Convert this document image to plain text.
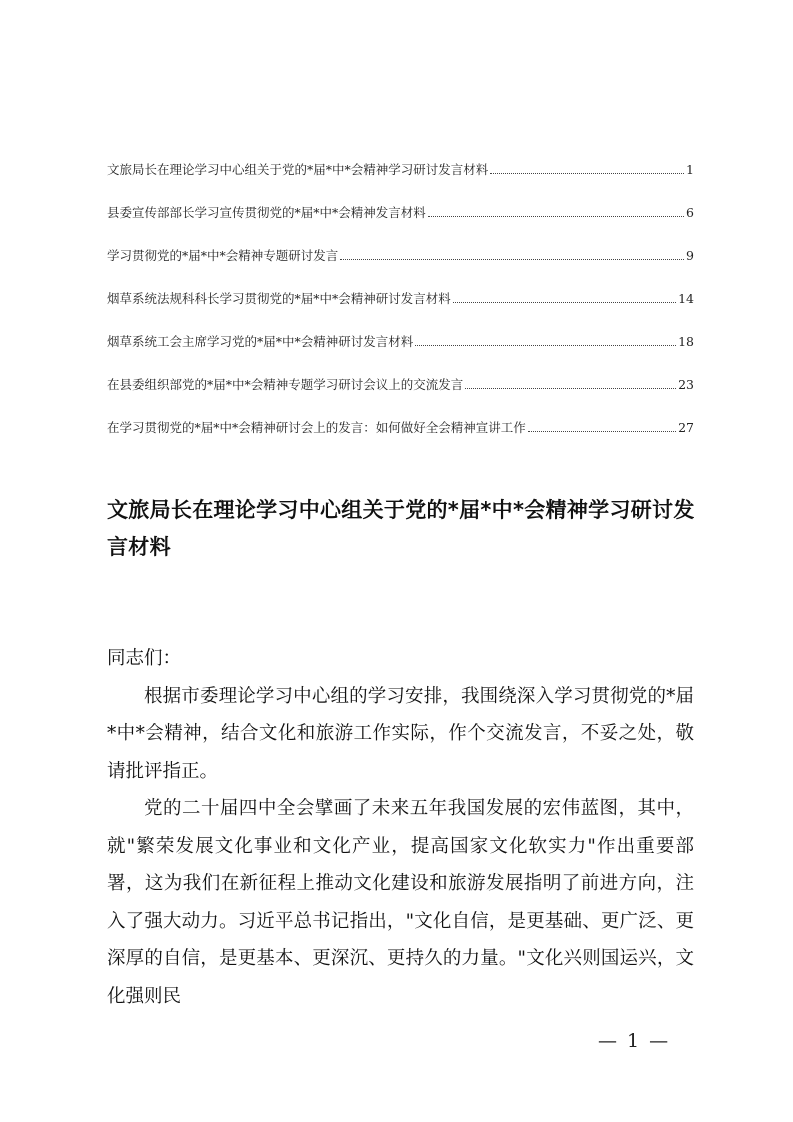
文旅局长在理论学习中心组关于党的*届*中*会精神学习研讨发言材料	1
县委宣传部部长学习宣传贯彻党的*届*中*会精神发言材料	6
学习贯彻党的*届*中*会精神专题研讨发言	9
烟草系统法规科科长学习贯彻党的*届*中*会精神研讨发言材料	14
烟草系统工会主席学习党的*届*中*会精神研讨发言材料	18
在县委组织部党的*届*中*会精神专题学习研讨会议上的交流发言	23
在学习贯彻党的*届*中*会精神研讨会上的发言：如何做好全会精神宣讲工作	27
文旅局长在理论学习中心组关于党的*届*中*会精神学习研讨发言材料

同志们：

根据市委理论学习中心组的学习安排，我围绕深入学习贯彻党的*届*中*会精神，结合文化和旅游工作实际，作个交流发言，不妥之处，敬请批评指正。

党的二十届四中全会擘画了未来五年我国发展的宏伟蓝图，其中，就"繁荣发展文化事业和文化产业，提高国家文化软实力"作出重要部署，这为我们在新征程上推动文化建设和旅游发展指明了前进方向，注入了强大动力。习近平总书记指出，"文化自信，是更基础、更广泛、更深厚的自信，是更基本、更深沉、更持久的力量。"文化兴则国运兴，文化强则民

— 1 —
